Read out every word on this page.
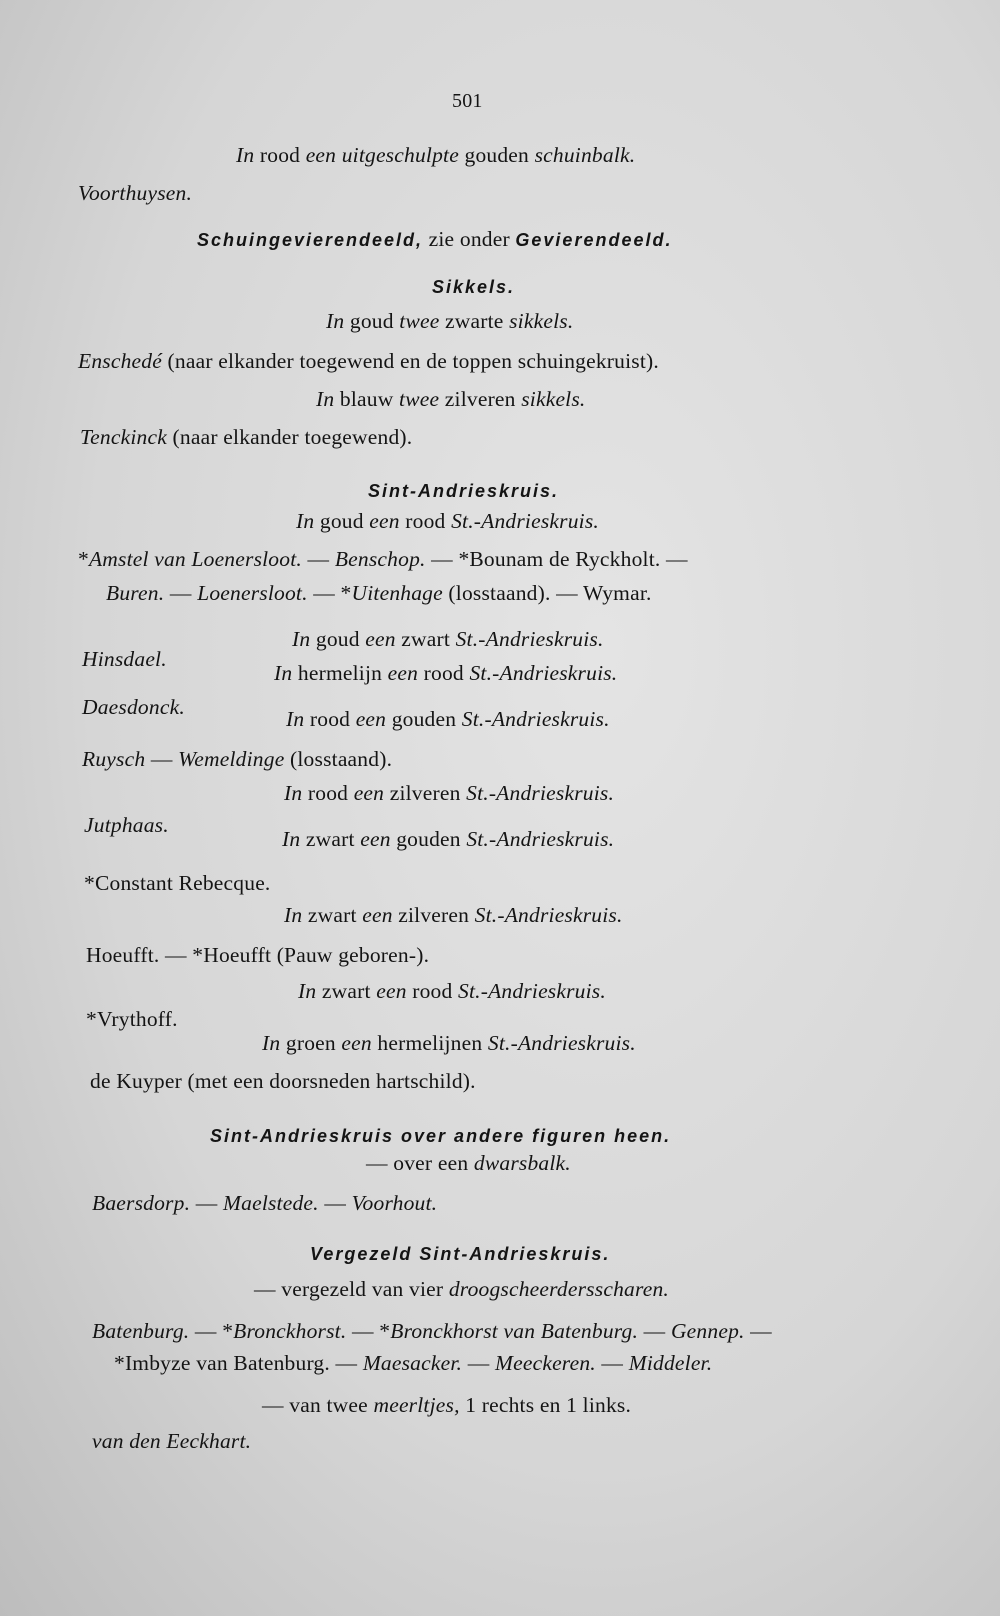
501
In rood een uitgeschulpte gouden schuinbalk.
Voorthuysen.
Schuingevierendeeld, zie onder Gevierendeeld.
Sikkels.
In goud twee zwarte sikkels.
Enschedé (naar elkander toegewend en de toppen schuingekruist).
In blauw twee zilveren sikkels.
Tenckinck (naar elkander toegewend).
Sint-Andrieskruis.
In goud een rood St.-Andrieskruis.
*Amstel van Loenersloot. — Benschop. — *Bounam de Ryckholt. —
Buren. — Loenersloot. — *Uitenhage (losstaand). — Wymar.
In goud een zwart St.-Andrieskruis.
Hinsdael.
In hermelijn een rood St.-Andrieskruis.
Daesdonck.	In rood een gouden St.-Andrieskruis.
Ruysch — Wemeldinge (losstaand).
In rood een zilveren St.-Andrieskruis.
Jutphaas.
In zwart een gouden St.-Andrieskruis.
*Constant Rebecque.
In zwart een zilveren St.-Andrieskruis.
Hoeufft. — *Hoeufft (Pauw geboren-).
In zwart een rood St.-Andrieskruis.
*Vrythoff.
In groen een hermelijnen St.-Andrieskruis.
de Kuyper (met een doorsneden hartschild).
Sint-Andrieskruis over andere figuren heen.
— over een dwarsbalk.
Baersdorp. — Maelstede. — Voorhout.
Vergezeld Sint-Andrieskruis.
— vergezeld van vier droogscheerdersscharen.
Batenburg. — *Bronckhorst. — *Bronckhorst van Batenburg. — Gennep. —
*Imbyze van Batenburg. — Maesacker. — Meeckeren. — Middeler.
— van twee meerltjes, 1 rechts en 1 links.
van den Eeckhart.
